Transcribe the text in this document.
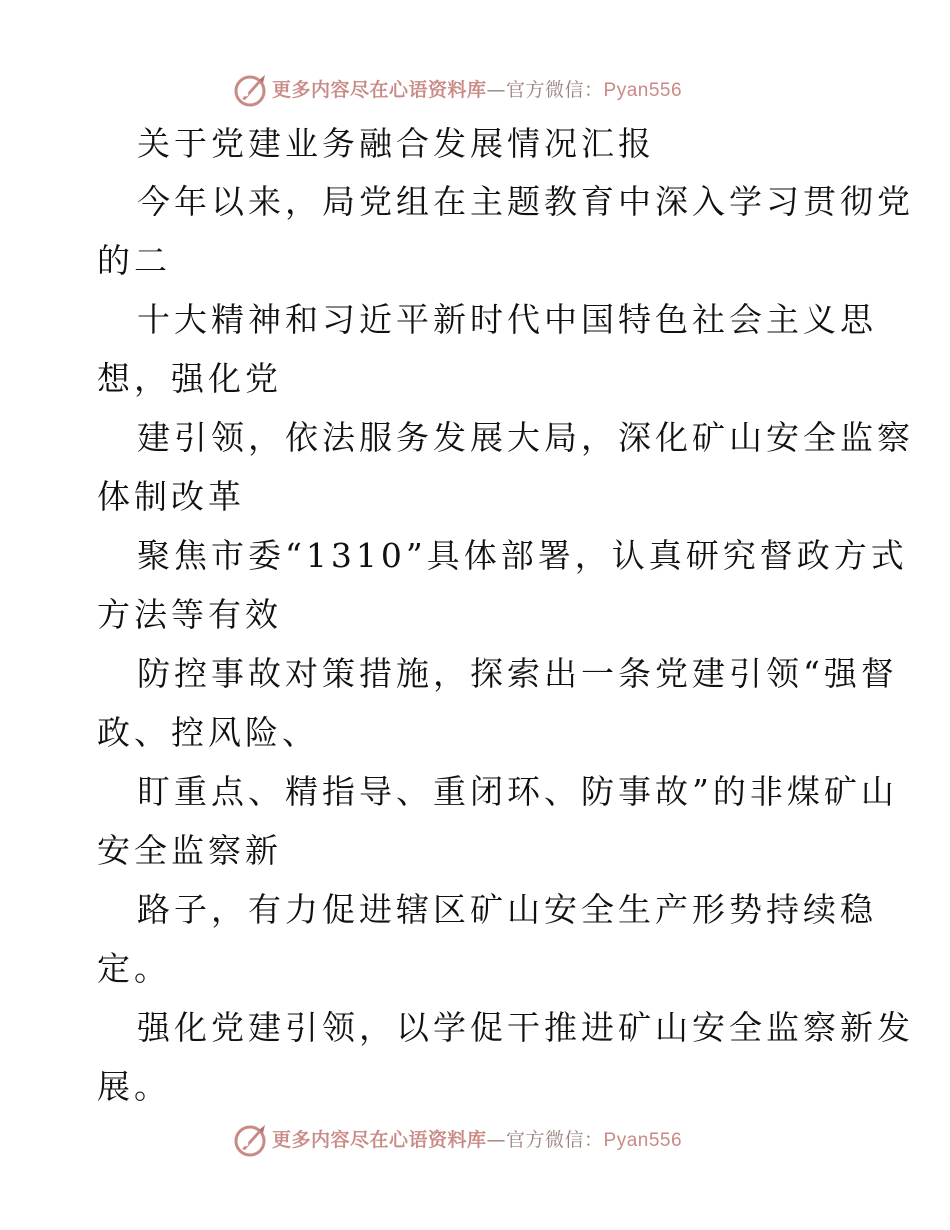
更多内容尽在心语资料库—官方微信：Pyan556
关于党建业务融合发展情况汇报
今年以来，局党组在主题教育中深入学习贯彻党
的二
十大精神和习近平新时代中国特色社会主义思
想，强化党
建引领，依法服务发展大局，深化矿山安全监察
体制改革
聚焦市委“1310”具体部署，认真研究督政方式
方法等有效
防控事故对策措施，探索出一条党建引领“强督
政、控风险、
盯重点、精指导、重闭环、防事故”的非煤矿山
安全监察新
路子，有力促进辖区矿山安全生产形势持续稳
定。
强化党建引领，以学促干推进矿山安全监察新发
展。
更多内容尽在心语资料库—官方微信：Pyan556
